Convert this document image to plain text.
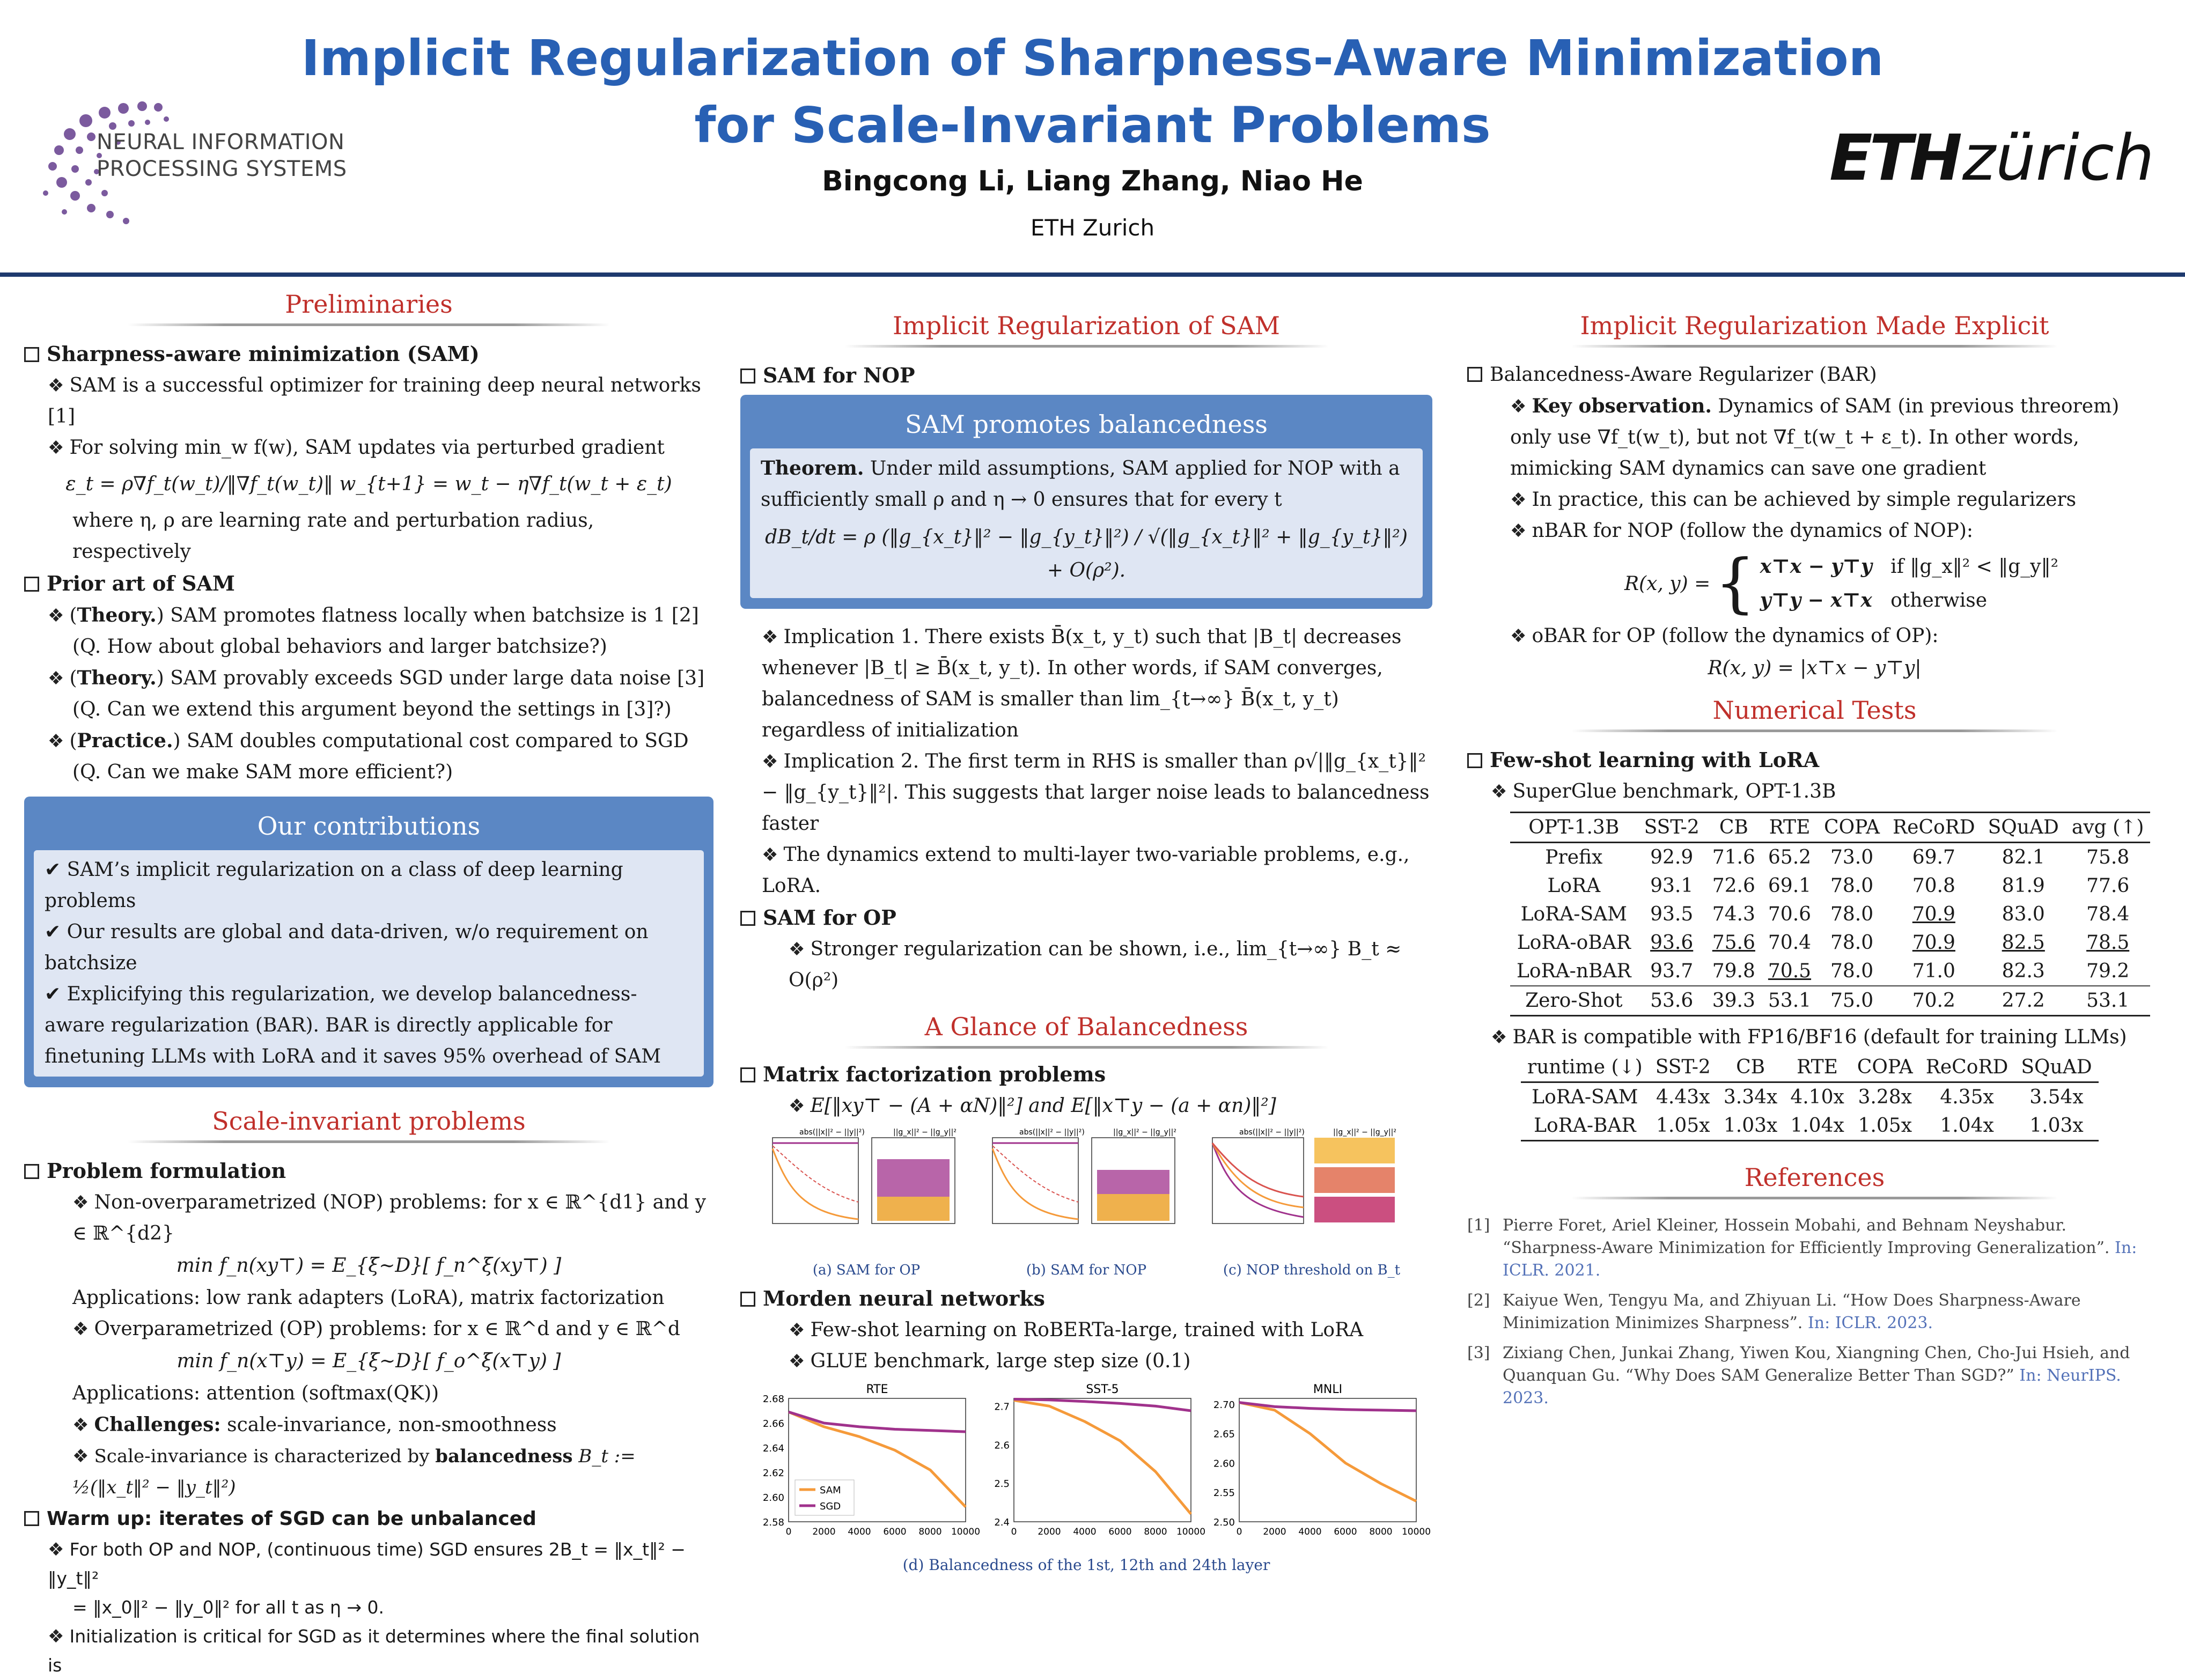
NEURAL INFORMATION
PROCESSING SYSTEMS
Implicit Regularization of Sharpness-Aware Minimization
for Scale-Invariant Problems
Bingcong Li, Liang Zhang, Niao He
ETH Zurich
ETH zürich
Preliminaries
Sharpness-aware minimization (SAM)
❖ SAM is a successful optimizer for training deep neural networks [1]
❖ For solving min_w f(w), SAM updates via perturbed gradient
ε_t = ρ∇f_t(w_t)/‖∇f_t(w_t)‖ w_{t+1} = w_t − η∇f_t(w_t + ε_t)
where η, ρ are learning rate and perturbation radius, respectively
Prior art of SAM
❖ (Theory.) SAM promotes flatness locally when batchsize is 1 [2]
(Q. How about global behaviors and larger batchsize?)
❖ (Theory.) SAM provably exceeds SGD under large data noise [3]
(Q. Can we extend this argument beyond the settings in [3]?)
❖ (Practice.) SAM doubles computational cost compared to SGD
(Q. Can we make SAM more efficient?)
Our contributions
✔ SAM’s implicit regularization on a class of deep learning problems
✔ Our results are global and data-driven, w/o requirement on batchsize
✔ Explicifying this regularization, we develop balancedness-aware regularization (BAR). BAR is directly applicable for finetuning LLMs with LoRA and it saves 95% overhead of SAM
Scale-invariant problems
Problem formulation
❖ Non-overparametrized (NOP) problems: for x ∈ ℝ^{d1} and y ∈ ℝ^{d2}
min f_n(xy⊤) = E_{ξ∼D}[ f_n^ξ(xy⊤) ]
Applications: low rank adapters (LoRA), matrix factorization
❖ Overparametrized (OP) problems: for x ∈ ℝ^d and y ∈ ℝ^d
min f_n(x⊤y) = E_{ξ∼D}[ f_o^ξ(x⊤y) ]
Applications: attention (softmax(QK))
❖ Challenges: scale-invariance, non-smoothness
❖ Scale-invariance is characterized by balancedness B_t := ½(‖x_t‖² − ‖y_t‖²)
Warm up: iterates of SGD can be unbalanced
❖ For both OP and NOP, (continuous time) SGD ensures 2B_t = ‖x_t‖² − ‖y_t‖²
= ‖x_0‖² − ‖y_0‖² for all t as η → 0.
❖ Initialization is critical for SGD as it determines where the final solution is
Implicit Regularization of SAM
SAM for NOP
SAM promotes balancedness
Theorem. Under mild assumptions, SAM applied for NOP with a sufficiently small ρ and η → 0 ensures that for every t
dB_t/dt = ρ (‖g_{x_t}‖² − ‖g_{y_t}‖²) / √(‖g_{x_t}‖² + ‖g_{y_t}‖²) + O(ρ²).
❖ Implication 1. There exists B̄(x_t, y_t) such that |B_t| decreases whenever |B_t| ≥ B̄(x_t, y_t). In other words, if SAM converges, balancedness of SAM is smaller than lim_{t→∞} B̄(x_t, y_t) regardless of initialization
❖ Implication 2. The first term in RHS is smaller than ρ√|‖g_{x_t}‖² − ‖g_{y_t}‖²|. This suggests that larger noise leads to balancedness faster
❖ The dynamics extend to multi-layer two-variable problems, e.g., LoRA.
SAM for OP
❖ Stronger regularization can be shown, i.e., lim_{t→∞} B_t ≈ O(ρ²)
A Glance of Balancedness
Matrix factorization problems
❖ E[‖xy⊤ − (A + αN)‖²] and E[‖x⊤y − (a + αn)‖²]
abs(||x||² − ||y||²)	||g_x||² − ||g_y||²	abs(||x||² − ||y||²)	||g_x||² − ||g_y||²	abs(||x||² − ||y||²)	||g_x||² − ||g_y||²
(a) SAM for OP	(b) SAM for NOP	(c) NOP threshold on B_t
Morden neural networks
❖ Few-shot learning on RoBERTa-large, trained with LoRA
❖ GLUE benchmark, large step size (0.1)
RTE
2.58
2.60
2.62
2.64
2.66
2.68
0 2000 4000 6000 8000 10000
SAM
SGD
SST-5
2.4
2.5
2.6
2.7
0 2000 4000 6000 8000 10000
MNLI
2.50
2.55
2.60
2.65
2.70
0 2000 4000 6000 8000 10000
(d) Balancedness of the 1st, 12th and 24th layer
Implicit Regularization Made Explicit
Balancedness-Aware Regularizer (BAR)
❖ Key observation. Dynamics of SAM (in previous threorem) only use ∇f_t(w_t), but not ∇f_t(w_t + ε_t). In other words, mimicking SAM dynamics can save one gradient
❖ In practice, this can be achieved by simple regularizers
❖ nBAR for NOP (follow the dynamics of NOP):
R(x, y) = { x⊤x − y⊤y if ‖g_x‖² < ‖g_y‖²
y⊤y − x⊤x otherwise
❖ oBAR for OP (follow the dynamics of OP):
R(x, y) = |x⊤x − y⊤y|
Numerical Tests
Few-shot learning with LoRA
❖ SuperGlue benchmark, OPT-1.3B
OPT-1.3B	SST-2	CB	RTE	COPA	ReCoRD	SQuAD	avg (↑)
Prefix	92.9	71.6	65.2	73.0	69.7	82.1	75.8
LoRA	93.1	72.6	69.1	78.0	70.8	81.9	77.6
LoRA-SAM	93.5	74.3	70.6	78.0	70.9	83.0	78.4
LoRA-oBAR	93.6	75.6	70.4	78.0	70.9	82.5	78.5
LoRA-nBAR	93.7	79.8	70.5	78.0	71.0	82.3	79.2
Zero-Shot	53.6	39.3	53.1	75.0	70.2	27.2	53.1
❖ BAR is compatible with FP16/BF16 (default for training LLMs)
runtime (↓)	SST-2	CB	RTE	COPA	ReCoRD	SQuAD
LoRA-SAM	4.43x	3.34x	4.10x	3.28x	4.35x	3.54x
LoRA-BAR	1.05x	1.03x	1.04x	1.05x	1.04x	1.03x
References
[1] Pierre Foret, Ariel Kleiner, Hossein Mobahi, and Behnam Neyshabur. “Sharpness-Aware Minimization for Efficiently Improving Generalization”. In: ICLR. 2021.
[2] Kaiyue Wen, Tengyu Ma, and Zhiyuan Li. “How Does Sharpness-Aware Minimization Minimizes Sharpness”. In: ICLR. 2023.
[3] Zixiang Chen, Junkai Zhang, Yiwen Kou, Xiangning Chen, Cho-Jui Hsieh, and Quanquan Gu. “Why Does SAM Generalize Better Than SGD?” In: NeurIPS. 2023.
